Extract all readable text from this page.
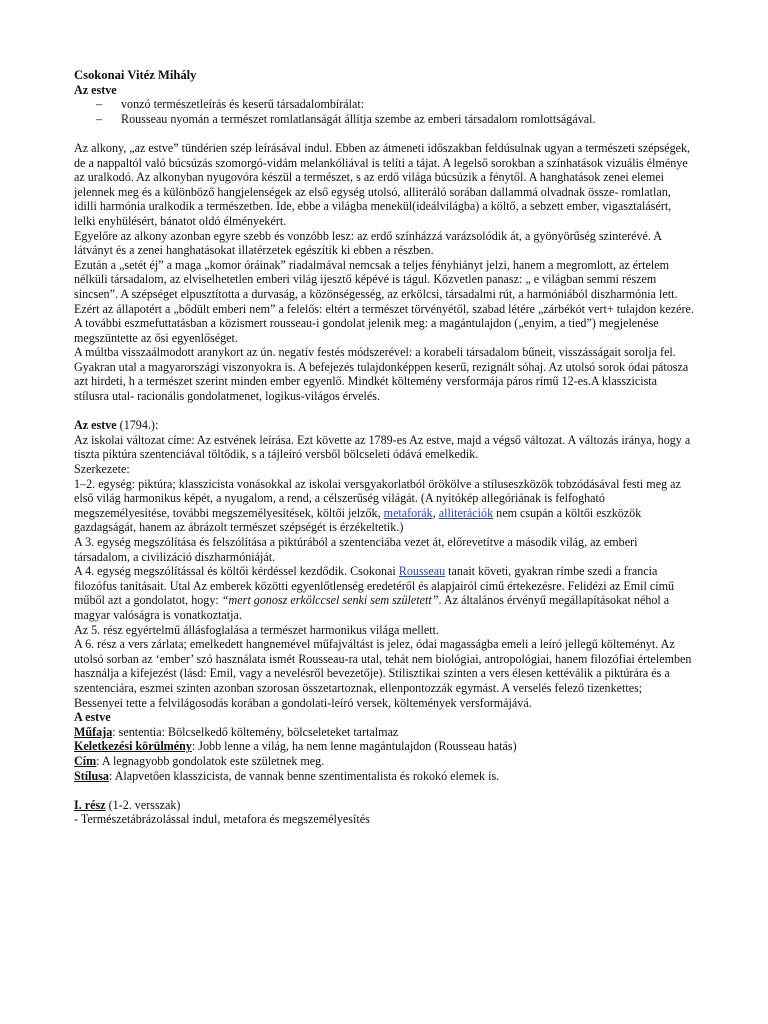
Csokonai Vitéz Mihály

Az estve

– vonzó természetleírás és keserű társadalombírálat:
– Rousseau nyomán a természet romlatlanságát állítja szembe az emberi társadalom romlottságával.

Az alkony, „az estve” tündérien szép leírásával indul. Ebben az átmeneti időszakban feldúsulnak ugyan a természeti szépségek, de a nappaltól való búcsúzás szomorgó-vidám melankóliával is telíti a tájat. A legelső sorokban a színhatások vizuális élménye az uralkodó. Az alkonyban nyugovóra készül a természet, s az erdő világa búcsúzik a fénytől. A hanghatások zenei elemei jelennek meg és a különböző hangjelenségek az első egység utolsó, alliteráló sorában dallammá olvadnak össze- romlatlan, idilli harmónia uralkodik a természetben. Ide, ebbe a világba menekül(ideálvilágba) a költő, a sebzett ember, vigasztalásért, lelki enyhülésért, bánatot oldó élményekért.

Egyelőre az alkony azonban egyre szebb és vonzóbb lesz: az erdő színházzá varázsolódik át, a gyönyörűség szinterévé. A látványt és a zenei hanghatásokat illatérzetek egészítik ki ebben a részben.

Ezután a „setét éj” a maga „komor óráinak” riadalmával nemcsak a teljes fényhiányt jelzi, hanem a megromlott, az értelem nélküli társadalom, az elviselhetetlen emberi világ ijesztő képévé is tágul. Közvetlen panasz: „ e világban semmi részem sincsen”. A szépséget elpusztította a durvaság, a közönségesség, az erkölcsi, társadalmi rút, a harmóniából diszharmónia lett. Ezért az állapotért a „bődült emberi nem” a felelős: eltért a természet törvényétől, szabad létére „zárbékót vert+ tulajdon kezére. A további eszmefuttatásban a közismert rousseau-i gondolat jelenik meg: a magántulajdon („enyim, a tied”) megjelenése megszüntette az ősi egyenlőséget.

A múltba visszaálmodott aranykort az ún. negatív festés módszerével: a korabeli társadalom bűneit, visszásságait sorolja fel. Gyakran utal a magyarországi viszonyokra is. A befejezés tulajdonképpen keserű, rezignált sóhaj. Az utolsó sorok ódai pátosza azt hirdeti, h a természet szerint minden ember egyenlő. Mindkét költemény versformája páros rímű 12-es.A klasszicista stílusra utal- racionális gondolatmenet, logikus-világos érvelés.

Az estve (1794.):

Az iskolai változat címe: Az estvének leírása. Ezt követte az 1789-es Az estve, majd a végső változat. A változás iránya, hogy a tiszta piktúra szentenciával töltődik, s a tájleíró versből bölcseleti ódává emelkedik.

Szerkezete:

1–2. egység: piktúra; klasszicista vonásokkal az iskolai versgyakorlatból örökölve a stíluseszközök tobzódásával festi meg az első világ harmonikus képét, a nyugalom, a rend, a célszerűség világát. (A nyitókép allegóriának is felfogható megszemélyesítése, további megszemélyesítések, költői jelzők, metaforák, alliterációk nem csupán a költői eszközök gazdagságát, hanem az ábrázolt természet szépségét is érzékeltetik.)

A 3. egység megszólítása és felszólítása a piktúrából a szentenciába vezet át, előrevetítve a második világ, az emberi társadalom, a civilizáció diszharmóniáját.

A 4. egység megszólítással és költői kérdéssel kezdődik. Csokonai Rousseau tanait követi, gyakran rímbe szedi a francia filozófus tanításait. Utal Az emberek közötti egyenlőtlenség eredetéről és alapjairól című értekezésre. Felidézi az Emil című műből azt a gondolatot, hogy: “mert gonosz erkölccsel senki sem született”. Az általános érvényű megállapításokat néhol a magyar valóságra is vonatkoztatja.

Az 5. rész egyértelmű állásfoglalása a természet harmonikus világa mellett.

A 6. rész a vers zárlata; emelkedett hangnemével műfajváltást is jelez, ódai magasságba emeli a leíró jellegű költeményt. Az utolsó sorban az ‘ember’ szó használata ismét Rousseau-ra utal, tehát nem biológiai, antropológiai, hanem filozófiai értelemben használja a kifejezést (lásd: Emil, vagy a nevelésről bevezetője). Stilisztikai szinten a vers élesen kettéválik a piktúrára és a szentenciára, eszmei szinten azonban szorosan összetartoznak, ellenpontozzák egymást. A verselés felező tizenkettes; Bessenyei tette a felvilágosodás korában a gondolati-leíró versek, költemények versformájává.

A estve

Műfaja: sententia: Bölcselkedő költemény, bölcseleteket tartalmaz

Keletkezési körülmény: Jobb lenne a világ, ha nem lenne magántulajdon (Rousseau hatás)

Cím: A legnagyobb gondolatok este születnek meg.

Stílusa: Alapvetően klasszicista, de vannak benne szentimentalista és rokokó elemek is.

I. rész (1-2. versszak)

- Természetábrázolással indul, metafora és megszemélyesítés
